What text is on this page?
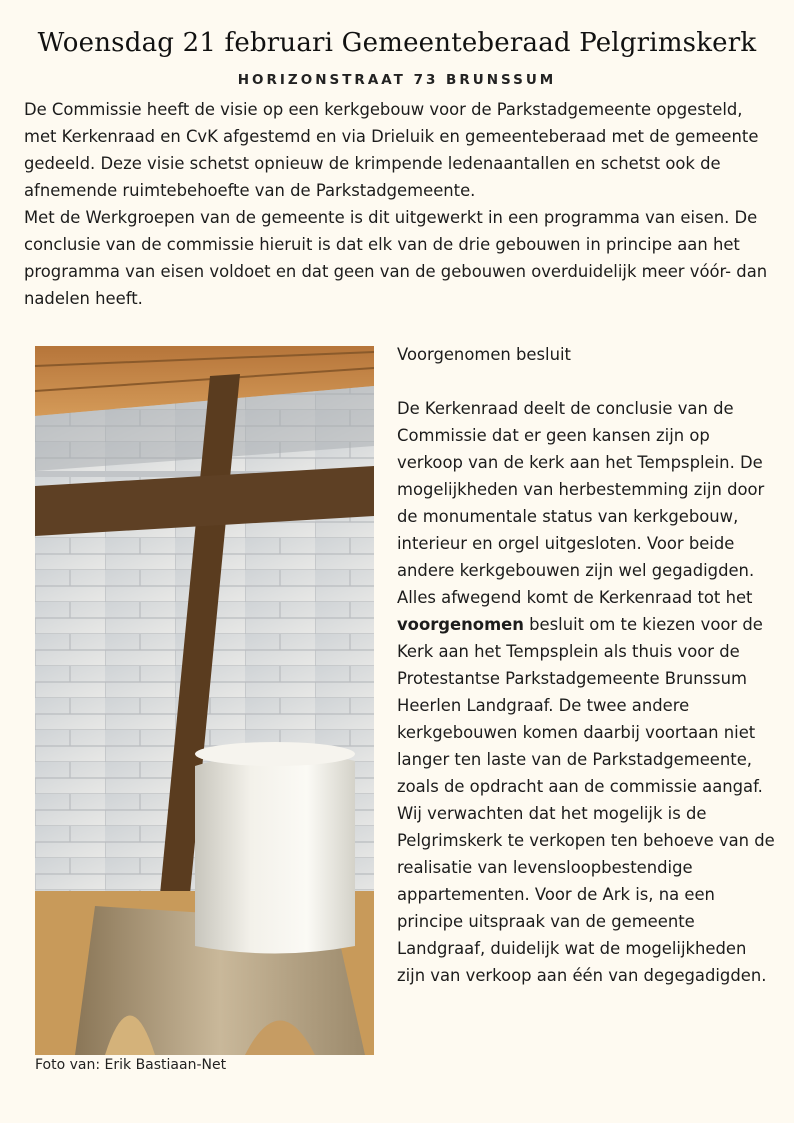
Woensdag 21 februari Gemeenteberaad Pelgrimskerk
HORIZONSTRAAT 73 BRUNSSUM

De Commissie heeft de visie op een kerkgebouw voor de Parkstadgemeente opgesteld, met Kerkenraad en CvK afgestemd en via Drieluik en gemeenteberaad met de gemeente gedeeld. Deze visie schetst opnieuw de krimpende ledenaantallen en schetst ook de afnemende ruimtebehoefte van de Parkstadgemeente.

Met de Werkgroepen van de gemeente is dit uitgewerkt in een programma van eisen. De conclusie van de commissie hieruit is dat elk van de drie gebouwen in principe aan het programma van eisen voldoet en dat geen van de gebouwen overduidelijk meer vóór- dan nadelen heeft.

Foto van: Erik Bastiaan-Net

Voorgenomen besluit

De Kerkenraad deelt de conclusie van de Commissie dat er geen kansen zijn op verkoop van de kerk aan het Tempsplein. De mogelijkheden van herbestemming zijn door de monumentale status van kerkgebouw, interieur en orgel uitgesloten. Voor beide andere kerkgebouwen zijn wel gegadigden.

Alles afwegend komt de Kerkenraad tot het voorgenomen besluit om te kiezen voor de Kerk aan het Tempsplein als thuis voor de Protestantse Parkstadgemeente Brunssum Heerlen Landgraaf. De twee andere kerkgebouwen komen daarbij voortaan niet langer ten laste van de Parkstadgemeente, zoals de opdracht aan de commissie aangaf. Wij verwachten dat het mogelijk is de Pelgrimskerk te verkopen ten behoeve van de realisatie van levensloopbestendige appartementen. Voor de Ark is, na een principe uitspraak van de gemeente Landgraaf, duidelijk wat de mogelijkheden zijn van verkoop aan één van degegadigden.
